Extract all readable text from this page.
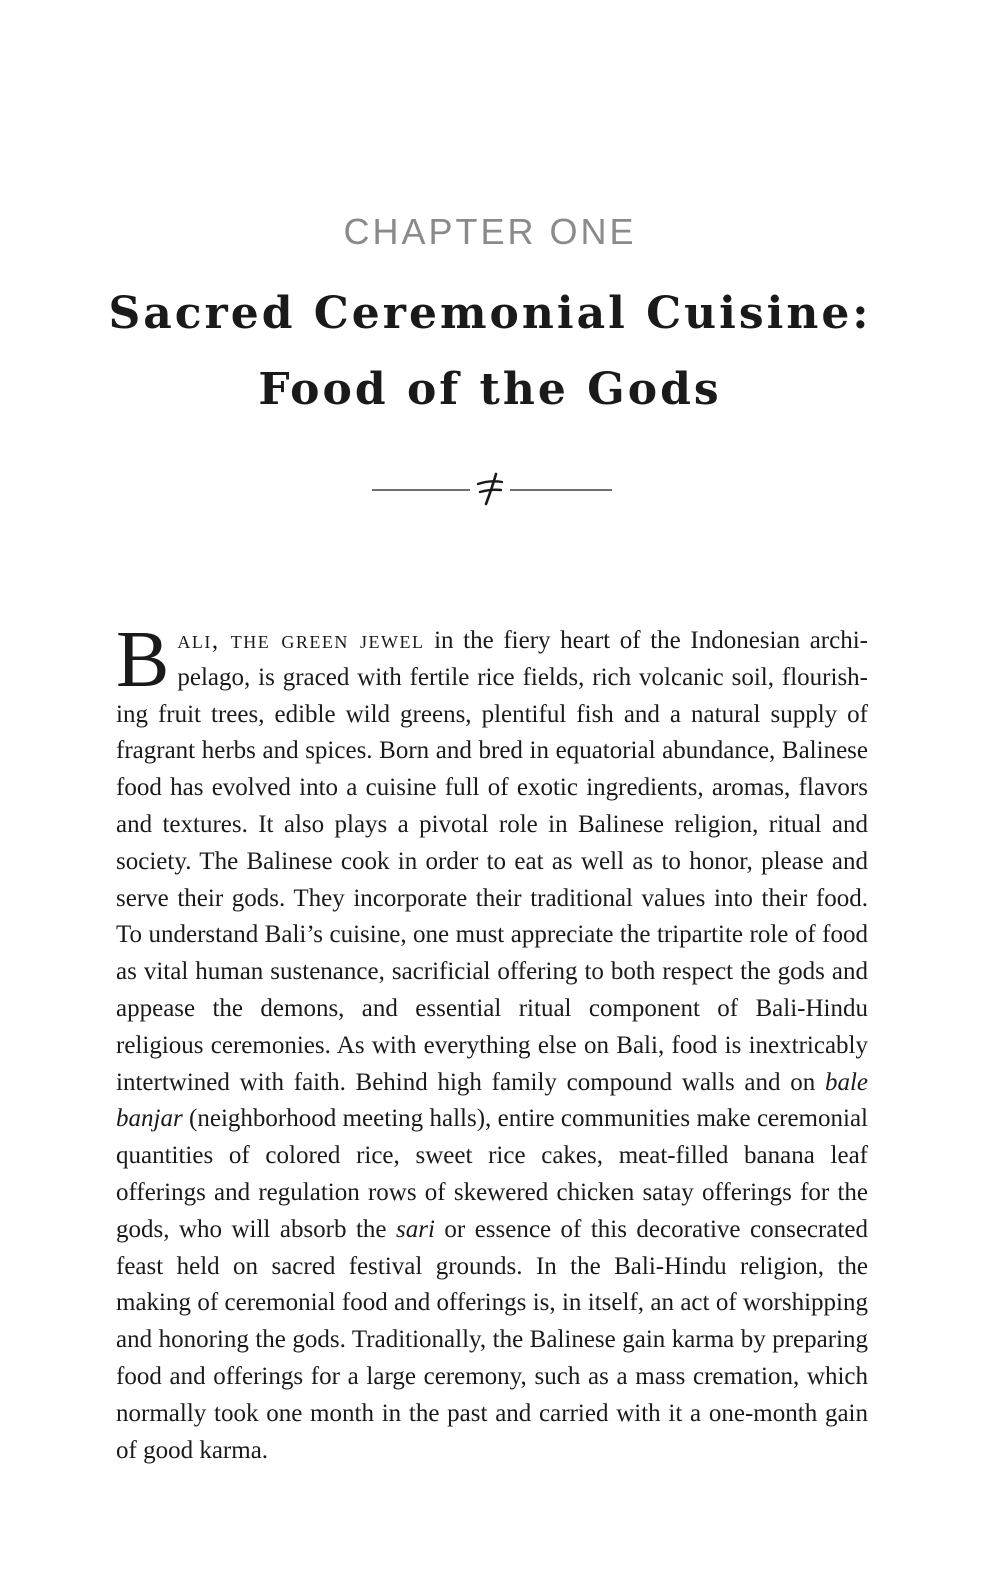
CHAPTER ONE
Sacred Ceremonial Cuisine:
Food of the Gods

Bali, the green jewel in the fiery heart of the Indonesian archipelago, is graced with fertile rice fields, rich volcanic soil, flourishing fruit trees, edible wild greens, plentiful fish and a natural supply of fragrant herbs and spices. Born and bred in equatorial abundance, Balinese food has evolved into a cuisine full of exotic ingredients, aromas, flavors and textures. It also plays a pivotal role in Balinese religion, ritual and society. The Balinese cook in order to eat as well as to honor, please and serve their gods. They incorporate their traditional values into their food. To understand Bali’s cuisine, one must appreciate the tripartite role of food as vital human sustenance, sacrificial offering to both respect the gods and appease the demons, and essential ritual component of Bali-Hindu religious ceremonies. As with everything else on Bali, food is inextricably intertwined with faith. Behind high family compound walls and on bale banjar (neighborhood meeting halls), entire communities make ceremonial quantities of colored rice, sweet rice cakes, meat-filled banana leaf offerings and regulation rows of skewered chicken satay offerings for the gods, who will absorb the sari or essence of this decorative consecrated feast held on sacred festival grounds. In the Bali-Hindu religion, the making of ceremonial food and offerings is, in itself, an act of worshipping and honoring the gods. Traditionally, the Balinese gain karma by preparing food and offerings for a large ceremony, such as a mass cremation, which normally took one month in the past and carried with it a one-month gain of good karma.
